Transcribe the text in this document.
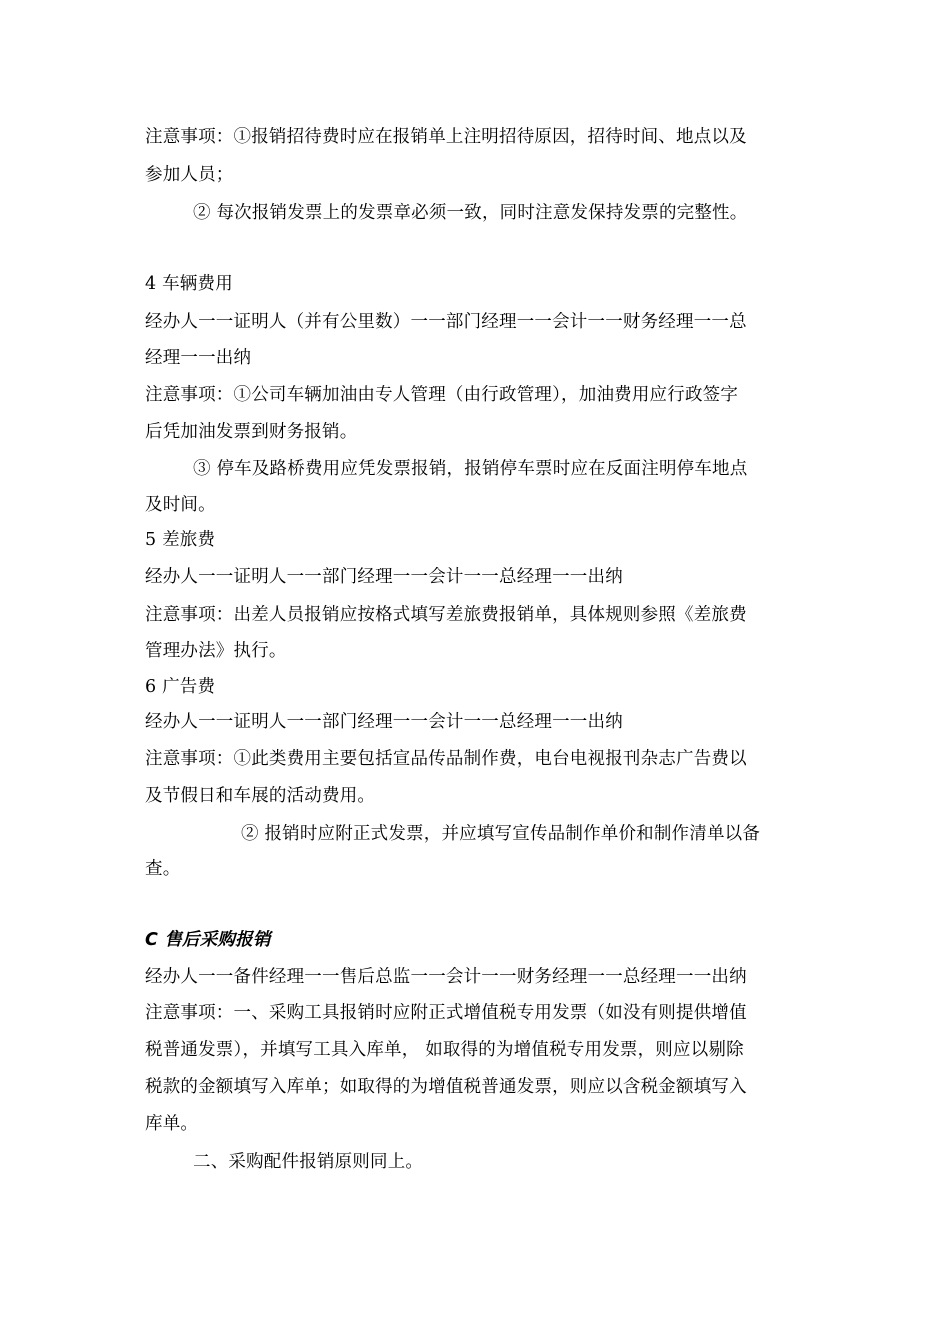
注意事项：①报销招待费时应在报销单上注明招待原因，招待时间、地点以及
参加人员；
② 每次报销发票上的发票章必须一致，同时注意发保持发票的完整性。
4 车辆费用
经办人一一证明人（并有公里数）一一部门经理一一会计一一财务经理一一总
经理一一出纳
注意事项：①公司车辆加油由专人管理（由行政管理），加油费用应行政签字
后凭加油发票到财务报销。
③ 停车及路桥费用应凭发票报销，报销停车票时应在反面注明停车地点
及时间。
5 差旅费
经办人一一证明人一一部门经理一一会计一一总经理一一出纳
注意事项：出差人员报销应按格式填写差旅费报销单，具体规则参照《差旅费
管理办法》执行。
6 广告费
经办人一一证明人一一部门经理一一会计一一总经理一一出纳
注意事项：①此类费用主要包括宣品传品制作费，电台电视报刊杂志广告费以
及节假日和车展的活动费用。
② 报销时应附正式发票，并应填写宣传品制作单价和制作清单以备
查。
C 售后采购报销
经办人一一备件经理一一售后总监一一会计一一财务经理一一总经理一一出纳
注意事项：一、采购工具报销时应附正式增值税专用发票（如没有则提供增值
税普通发票），并填写工具入库单， 如取得的为增值税专用发票，则应以剔除
税款的金额填写入库单；如取得的为增值税普通发票，则应以含税金额填写入
库单。
二、采购配件报销原则同上。
